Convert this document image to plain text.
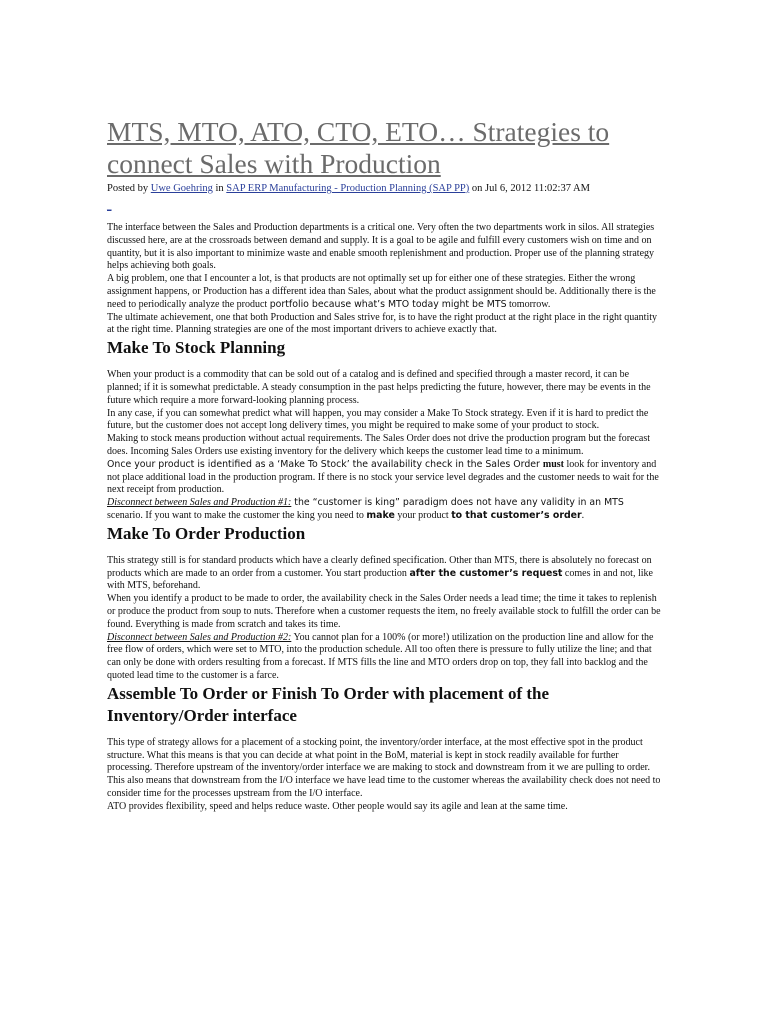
MTS, MTO, ATO, CTO, ETO… Strategies to connect Sales with Production
Posted by Uwe Goehring in SAP ERP Manufacturing - Production Planning (SAP PP) on Jul 6, 2012 11:02:37 AM
_

The interface between the Sales and Production departments is a critical one. Very often the two departments work in silos. All strategies discussed here, are at the crossroads between demand and supply. It is a goal to be agile and fulfill every customers wish on time and on quantity, but it is also important to minimize waste and enable smooth replenishment and production. Proper use of the planning strategy helps achieving both goals.

A big problem, one that I encounter a lot, is that products are not optimally set up for either one of these strategies. Either the wrong assignment happens, or Production has a different idea than Sales, about what the product assignment should be. Additionally there is the need to periodically analyze the product portfolio because what’s MTO today might be MTS tomorrow.

The ultimate achievement, one that both Production and Sales strive for, is to have the right product at the right place in the right quantity at the right time. Planning strategies are one of the most important drivers to achieve exactly that.

Make To Stock Planning

When your product is a commodity that can be sold out of a catalog and is defined and specified through a master record, it can be planned; if it is somewhat predictable. A steady consumption in the past helps predicting the future, however, there may be events in the future which require a more forward-looking planning process.

In any case, if you can somewhat predict what will happen, you may consider a Make To Stock strategy. Even if it is hard to predict the future, but the customer does not accept long delivery times, you might be required to make some of your product to stock.

Making to stock means production without actual requirements. The Sales Order does not drive the production program but the forecast does. Incoming Sales Orders use existing inventory for the delivery which keeps the customer lead time to a minimum.

Once your product is identified as a ‘Make To Stock’ the availability check in the Sales Order must look for inventory and not place additional load in the production program. If there is no stock your service level degrades and the customer needs to wait for the next receipt from production.

Disconnect between Sales and Production #1: the “customer is king” paradigm does not have any validity in an MTS scenario. If you want to make the customer the king you need to make your product to that customer’s order.

Make To Order Production

This strategy still is for standard products which have a clearly defined specification. Other than MTS, there is absolutely no forecast on products which are made to an order from a customer. You start production after the customer’s request comes in and not, like with MTS, beforehand.

When you identify a product to be made to order, the availability check in the Sales Order needs a lead time; the time it takes to replenish or produce the product from soup to nuts. Therefore when a customer requests the item, no freely available stock to fulfill the order can be found. Everything is made from scratch and takes its time.

Disconnect between Sales and Production #2: You cannot plan for a 100% (or more!) utilization on the production line and allow for the free flow of orders, which were set to MTO, into the production schedule. All too often there is pressure to fully utilize the line; and that can only be done with orders resulting from a forecast. If MTS fills the line and MTO orders drop on top, they fall into backlog and the quoted lead time to the customer is a farce.

Assemble To Order or Finish To Order with placement of the Inventory/Order interface

This type of strategy allows for a placement of a stocking point, the inventory/order interface, at the most effective spot in the product structure. What this means is that you can decide at what point in the BoM, material is kept in stock readily available for further processing. Therefore upstream of the inventory/order interface we are making to stock and downstream from it we are pulling to order.

This also means that downstream from the I/O interface we have lead time to the customer whereas the availability check does not need to consider time for the processes upstream from the I/O interface.

ATO provides flexibility, speed and helps reduce waste. Other people would say its agile and lean at the same time.
